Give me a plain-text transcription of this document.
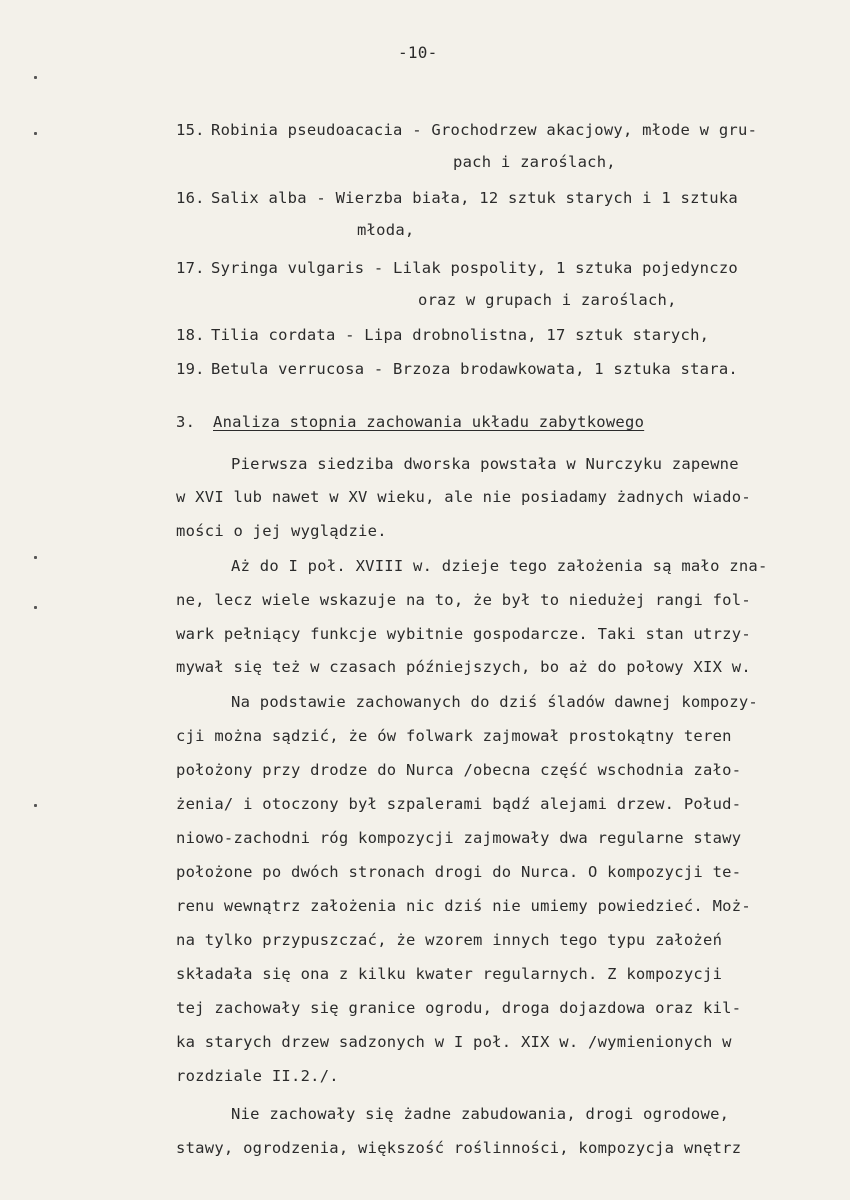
-10-
15. Robinia pseudoacacia - Grochodrzew akacjowy, młode w gru-
pach i zaroślach,
16. Salix alba - Wierzba biała, 12 sztuk starych i 1 sztuka
młoda,
17. Syringa vulgaris - Lilak pospolity, 1 sztuka pojedynczo
oraz w grupach i zaroślach,
18. Tilia cordata - Lipa drobnolistna, 17 sztuk starych,
19. Betula verrucosa - Brzoza brodawkowata, 1 sztuka stara.
3. Analiza stopnia zachowania układu zabytkowego
Pierwsza siedziba dworska powstała w Nurczyku zapewne
w XVI lub nawet w XV wieku, ale nie posiadamy żadnych wiado-
mości o jej wyglądzie.
Aż do I poł. XVIII w. dzieje tego założenia są mało zna-
ne, lecz wiele wskazuje na to, że był to niedużej rangi fol-
wark pełniący funkcje wybitnie gospodarcze. Taki stan utrzy-
mywał się też w czasach późniejszych, bo aż do połowy XIX w.
Na podstawie zachowanych do dziś śladów dawnej kompozy-
cji można sądzić, że ów folwark zajmował prostokątny teren
położony przy drodze do Nurca /obecna część wschodnia zało-
żenia/ i otoczony był szpalerami bądź alejami drzew. Połud-
niowo-zachodni róg kompozycji zajmowały dwa regularne stawy
położone po dwóch stronach drogi do Nurca. O kompozycji te-
renu wewnątrz założenia nic dziś nie umiemy powiedzieć. Moż-
na tylko przypuszczać, że wzorem innych tego typu założeń
składała się ona z kilku kwater regularnych. Z kompozycji
tej zachowały się granice ogrodu, droga dojazdowa oraz kil-
ka starych drzew sadzonych w I poł. XIX w. /wymienionych w
rozdziale II.2./.
Nie zachowały się żadne zabudowania, drogi ogrodowe,
stawy, ogrodzenia, większość roślinności, kompozycja wnętrz
